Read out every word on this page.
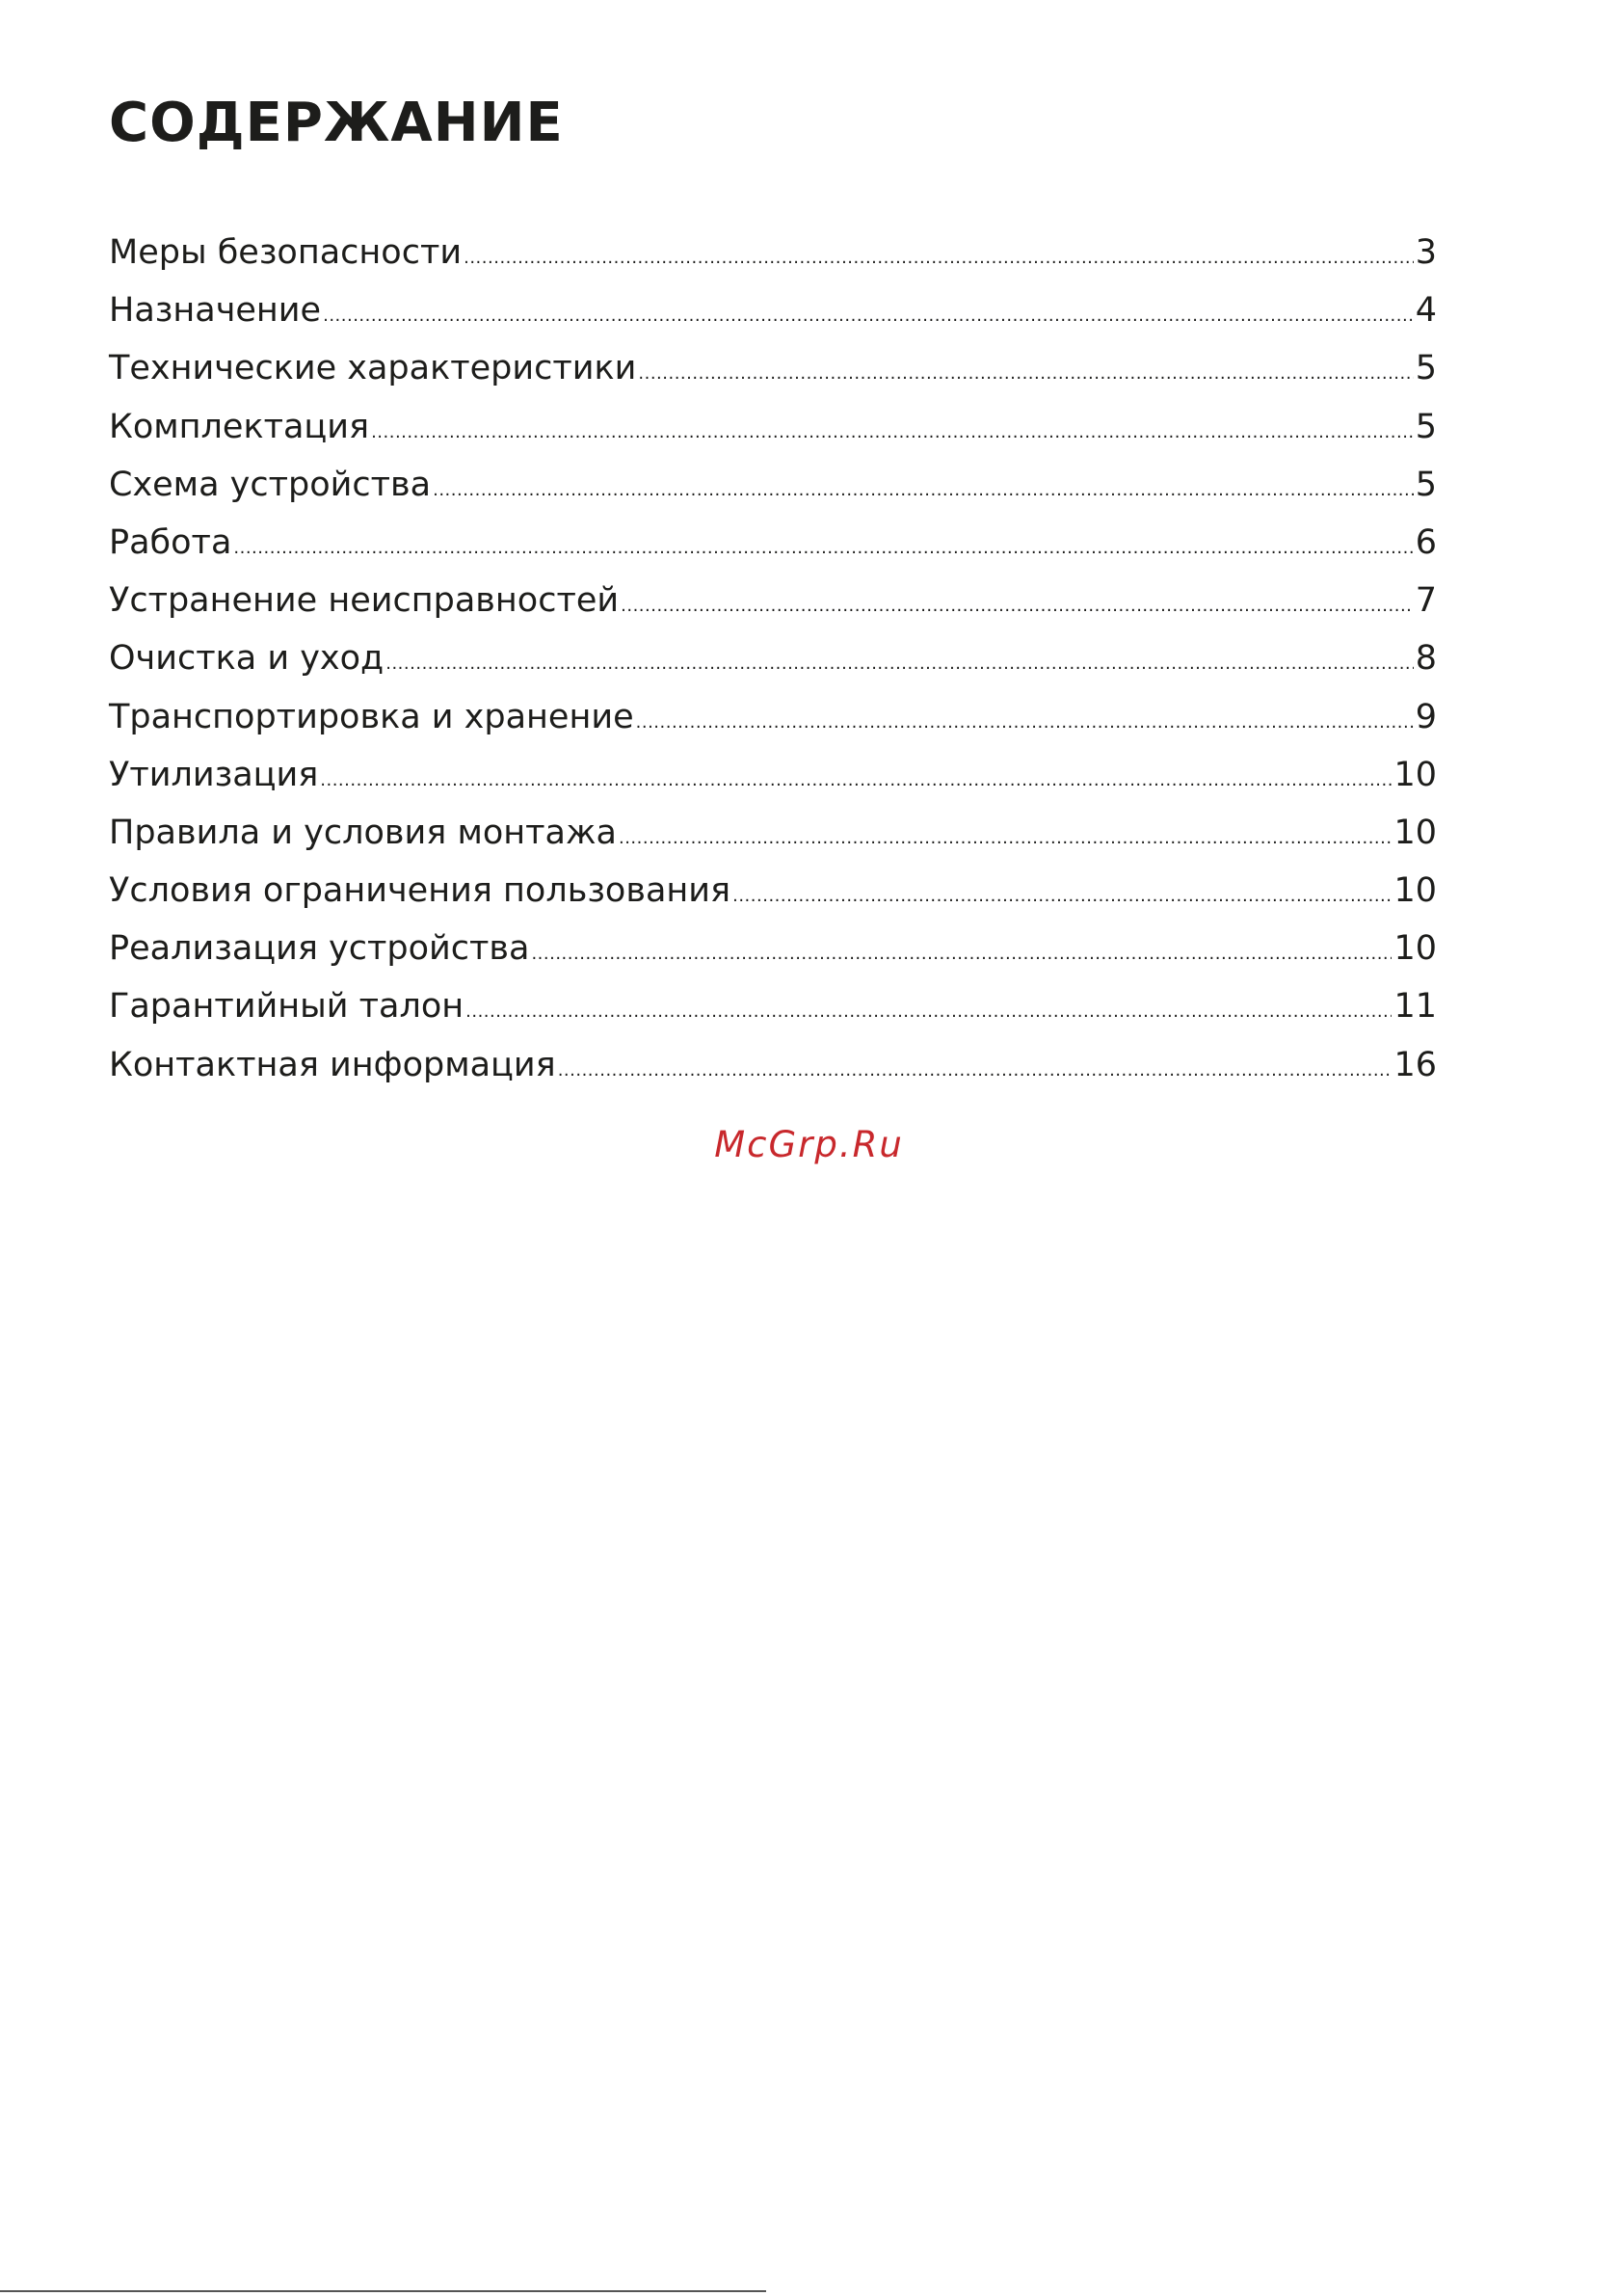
СОДЕРЖАНИЕ
Меры безопасности .....	3
Назначение .....	4
Технические характеристики .....	5
Комплектация .....	5
Схема устройства .....	5
Работа .....	6
Устранение неисправностей .....	7
Очистка и уход .....	8
Транспортировка и хранение .....	9
Утилизация .....	10
Правила и условия монтажа .....	10
Условия ограничения пользования .....	10
Реализация устройства .....	10
Гарантийный талон .....	11
Контактная информация .....	16
McGrp.Ru
